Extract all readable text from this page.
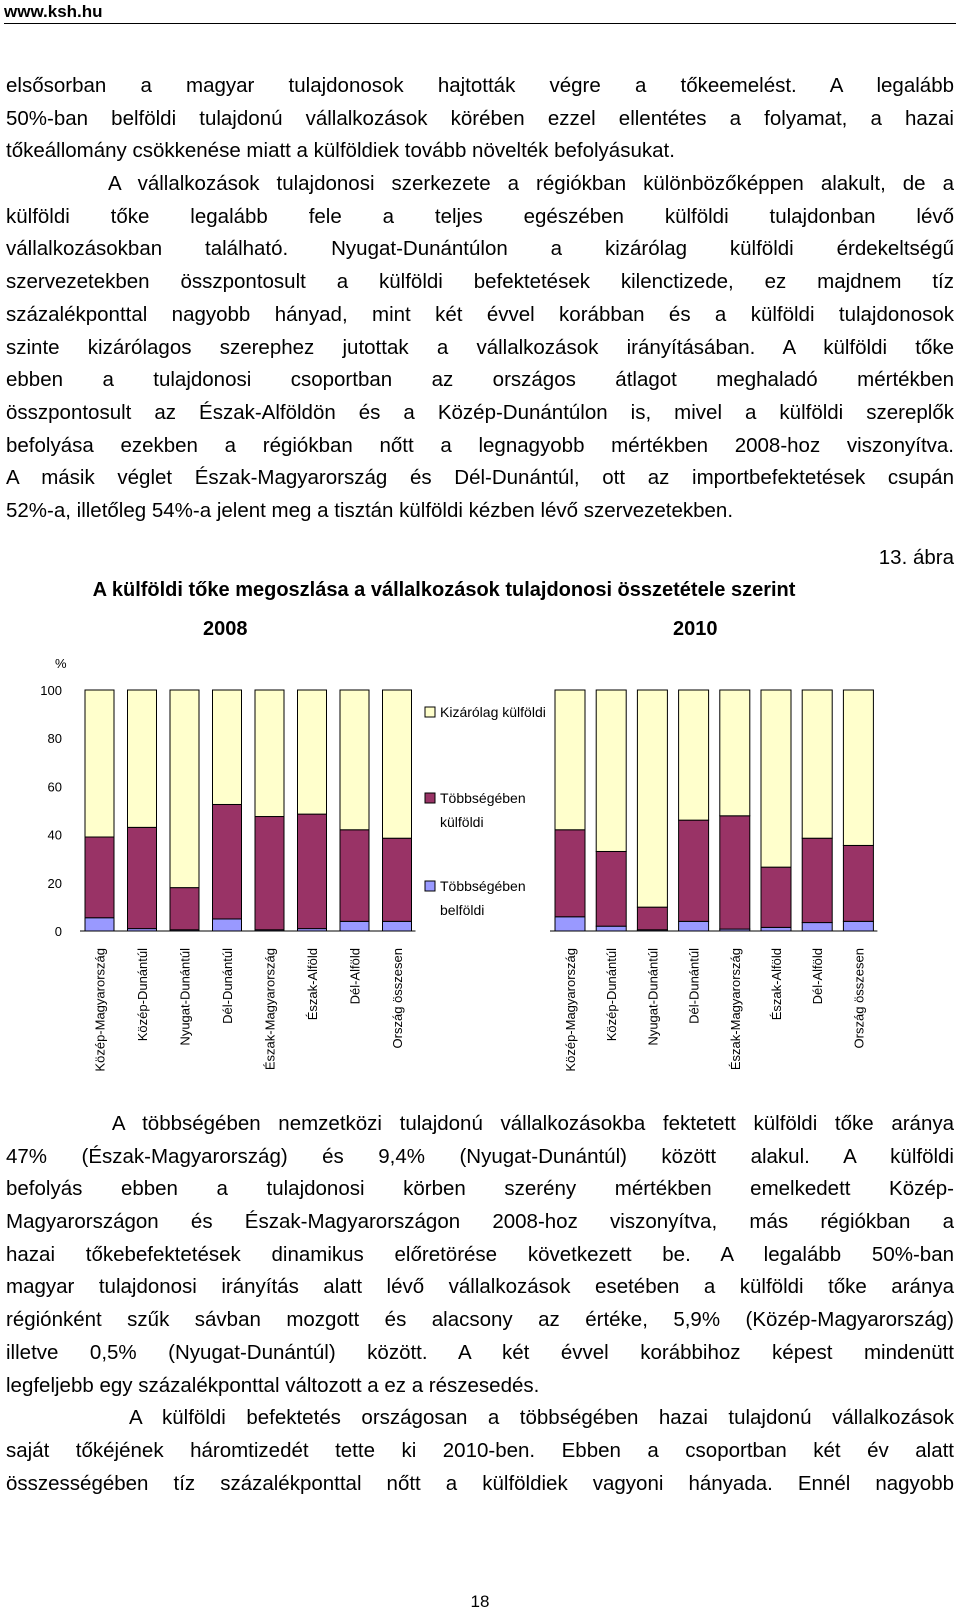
www.ksh.hu
elsősorban a magyar tulajdonosok hajtották végre a tőkeemelést. A legalább
50%-ban belföldi tulajdonú vállalkozások körében ezzel ellentétes a folyamat, a hazai
tőkeállomány csökkenése miatt a külföldiek tovább növelték befolyásukat.
A vállalkozások tulajdonosi szerkezete a régiókban különbözőképpen alakult, de a
külföldi tőke legalább fele a teljes egészében külföldi tulajdonban lévő
vállalkozásokban található. Nyugat-Dunántúlon a kizárólag külföldi érdekeltségű
szervezetekben összpontosult a külföldi befektetések kilenctizede, ez majdnem tíz
százalékponttal nagyobb hányad, mint két évvel korábban és a külföldi tulajdonosok
szinte kizárólagos szerephez jutottak a vállalkozások irányításában. A külföldi tőke
ebben a tulajdonosi csoportban az országos átlagot meghaladó mértékben
összpontosult az Észak-Alföldön és a Közép-Dunántúlon is, mivel a külföldi szereplők
befolyása ezekben a régiókban nőtt a legnagyobb mértékben 2008-hoz viszonyítva.
A másik véglet Észak-Magyarország és Dél-Dunántúl, ott az importbefektetések csupán
52%-a, illetőleg 54%-a jelent meg a tisztán külföldi kézben lévő szervezetekben.
13. ábra
A külföldi tőke megoszlása a vállalkozások tulajdonosi összetétele szerint
2008	2010
%
0
20
40
60
80
100
Közép-Magyarország Közép-Dunántúl Nyugat-Dunántúl Dél-Dunántúl Észak-Magyarország Észak-Alföld Dél-Alföld Ország összesen	Közép-Magyarország Közép-Dunántúl Nyugat-Dunántúl Dél-Dunántúl Észak-Magyarország Észak-Alföld Dél-Alföld Ország összesen
Kizárólag külföldi
Többségében
külföldi
Többségében
belföldi
A többségében nemzetközi tulajdonú vállalkozásokba fektetett külföldi tőke aránya
47% (Észak-Magyarország) és 9,4% (Nyugat-Dunántúl) között alakul. A külföldi
befolyás ebben a tulajdonosi körben szerény mértékben emelkedett Közép-
Magyarországon és Észak-Magyarországon 2008-hoz viszonyítva, más régiókban a
hazai tőkebefektetések dinamikus előretörése következett be. A legalább 50%-ban
magyar tulajdonosi irányítás alatt lévő vállalkozások esetében a külföldi tőke aránya
régiónként szűk sávban mozgott és alacsony az értéke, 5,9% (Közép-Magyarország)
illetve 0,5% (Nyugat-Dunántúl) között. A két évvel korábbihoz képest mindenütt
legfeljebb egy százalékponttal változott a ez a részesedés.
A külföldi befektetés országosan a többségében hazai tulajdonú vállalkozások
saját tőkéjének háromtizedét tette ki 2010-ben. Ebben a csoportban két év alatt
összességében tíz százalékponttal nőtt a külföldiek vagyoni hányada. Ennél nagyobb
18
